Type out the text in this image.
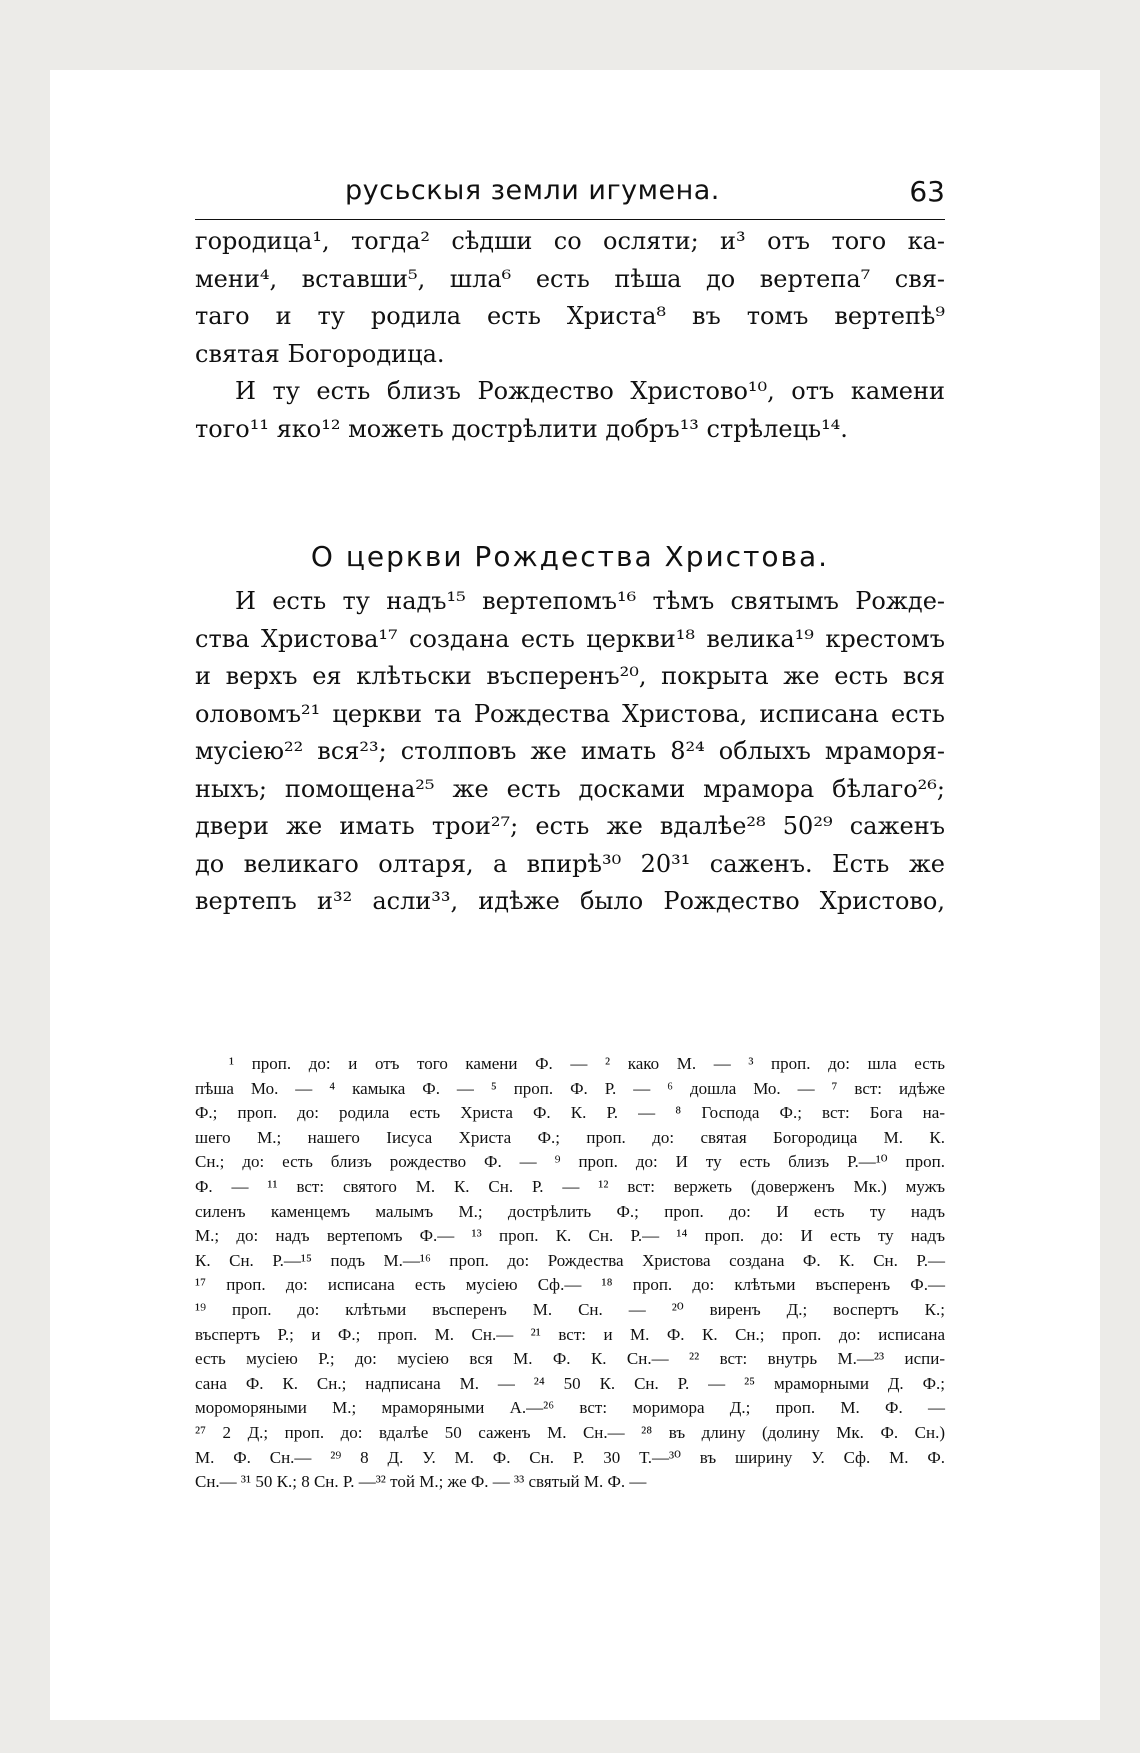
русьскыя земли игумена.	63
городица¹, тогда² сѣдши со осляти; и³ отъ того ка-
мени⁴, вставши⁵, шла⁶ есть пѣша до вертепа⁷ свя-
таго и ту родила есть Христа⁸ въ томъ вертепѣ⁹
святая Богородица.
И ту есть близъ Рождество Христово¹⁰, отъ камени
того¹¹ яко¹² можеть дострѣлити добръ¹³ стрѣлець¹⁴.
О церкви Рождества Христова.
И есть ту надъ¹⁵ вертепомъ¹⁶ тѣмъ святымъ Рожде-
ства Христова¹⁷ создана есть церкви¹⁸ велика¹⁹ крестомъ
и верхъ ея клѣтьски въсперенъ²⁰, покрыта же есть вся
оловомъ²¹ церкви та Рождества Христова, исписана есть
мусiею²² вся²³; столповъ же имать 8²⁴ облыхъ мраморя-
ныхъ; помощена²⁵ же есть досками мрамора бѣлаго²⁶;
двери же имать трои²⁷; есть же вдалѣе²⁸ 50²⁹ саженъ
до великаго олтаря, а впирѣ³⁰ 20³¹ саженъ. Есть же
вертепъ и³² асли³³, идѣже было Рождество Христово,
¹ проп. до: и отъ того камени Ф. — ² како М. — ³ проп. до: шла есть
пѣша Мо. — ⁴ камыка Ф. — ⁵ проп. Ф. Р. — ⁶ дошла Мо. — ⁷ вст: идѣже
Ф.; проп. до: родила есть Христа Ф. К. Р. — ⁸ Господа Ф.; вст: Бога на-
шего М.; нашего Iисуса Христа Ф.; проп. до: святая Богородица М. К.
Сн.; до: есть близъ рождество Ф. — ⁹ проп. до: И ту есть близъ Р.—¹⁰ проп.
Ф. — ¹¹ вст: святого М. К. Сн. Р. — ¹² вст: вержеть (доверженъ Мк.) мужъ
силенъ каменцемъ малымъ М.; дострѣлить Ф.; проп. до: И есть ту надъ
М.; до: надъ вертепомъ Ф.— ¹³ проп. К. Сн. Р.— ¹⁴ проп. до: И есть ту надъ
К. Сн. Р.—¹⁵ подъ М.—¹⁶ проп. до: Рождества Христова создана Ф. К. Сн. Р.—
¹⁷ проп. до: исписана есть мусiею Сф.— ¹⁸ проп. до: клѣтьми въсперенъ Ф.—
¹⁹ проп. до: клѣтьми въсперенъ М. Сн. — ²⁰ виренъ Д.; воспертъ К.;
въспертъ Р.; и Ф.; проп. М. Сн.— ²¹ вст: и М. Ф. К. Сн.; проп. до: исписана
есть мусiею Р.; до: мусiею вся М. Ф. К. Сн.— ²² вст: внутрь М.—²³ испи-
сана Ф. К. Сн.; надписана М. — ²⁴ 50 К. Сн. Р. — ²⁵ мраморными Д. Ф.;
мороморяными М.; мраморяными А.—²⁶ вст: моримора Д.; проп. М. Ф. —
²⁷ 2 Д.; проп. до: вдалѣе 50 саженъ М. Сн.— ²⁸ въ длину (долину Мк. Ф. Сн.)
М. Ф. Сн.— ²⁹ 8 Д. У. М. Ф. Сн. Р. 30 Т.—³⁰ въ ширину У. Сф. М. Ф.
Сн.— ³¹ 50 К.; 8 Сн. Р. —³² той М.; же Ф. — ³³ святый М. Ф. —
